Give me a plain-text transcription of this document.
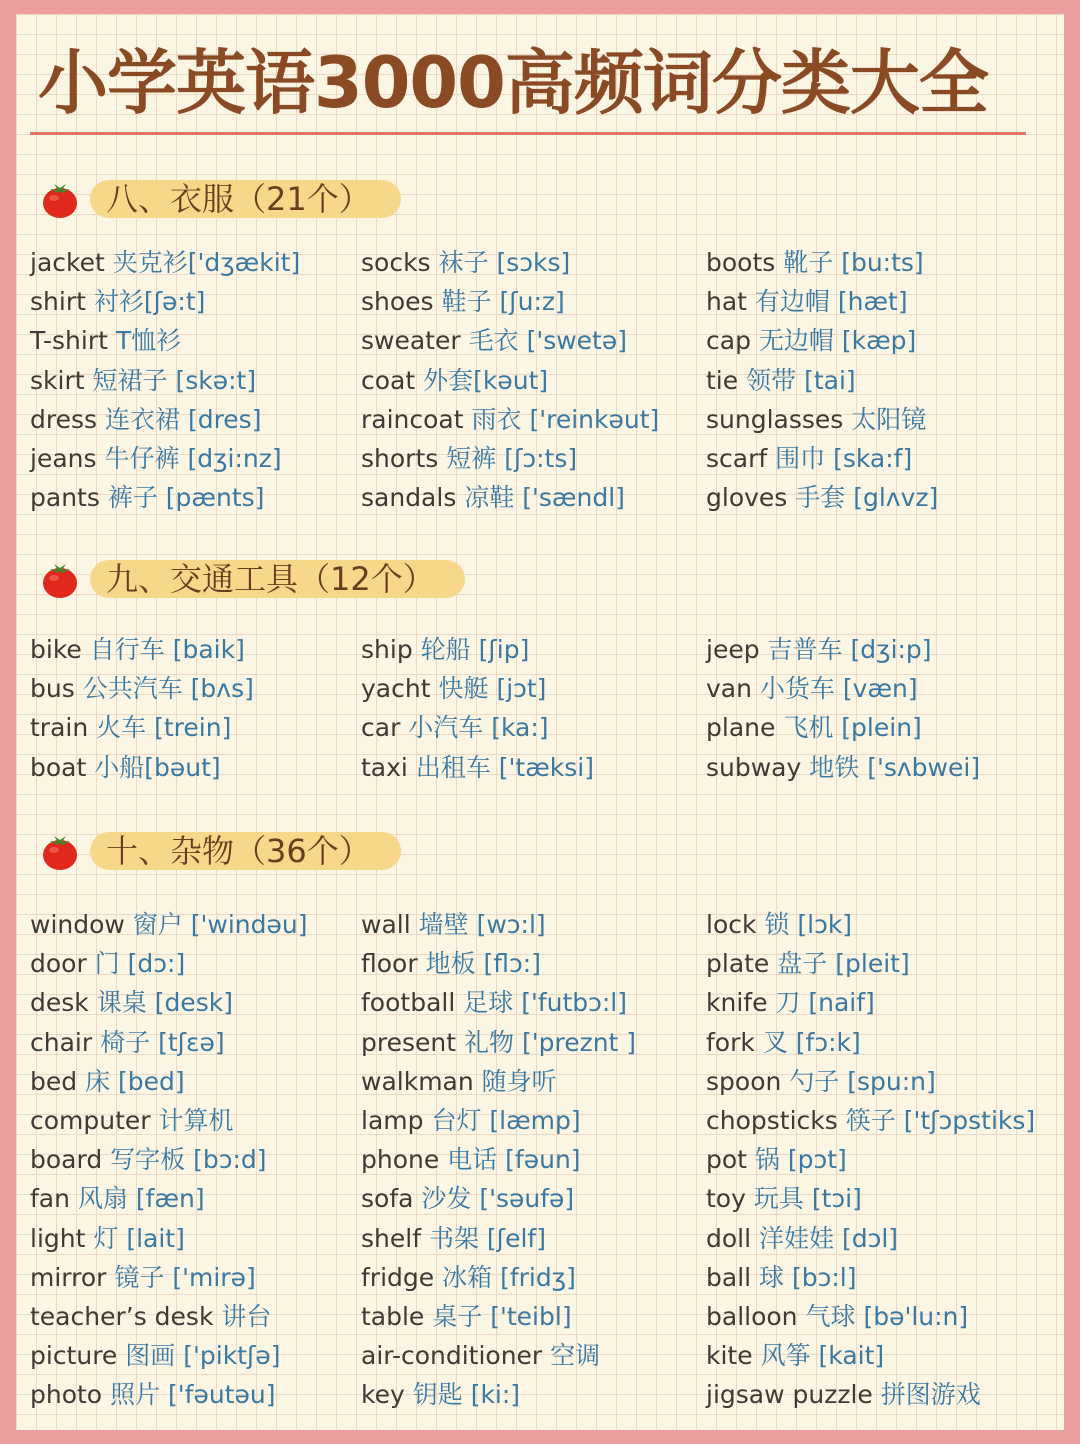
小学英语3000高频词分类大全
八、衣服（21个）
jacket 夹克衫['dʒækit]
shirt 衬衫[ʃə:t]
T-shirt T恤衫
skirt 短裙子 [skə:t]
dress 连衣裙 [dres]
jeans 牛仔裤 [dʒi:nz]
pants 裤子 [pænts]
socks 袜子 [sɔks]
shoes 鞋子 [ʃu:z]
sweater 毛衣 ['swetə]
coat 外套[kəut]
raincoat 雨衣 ['reinkəut]
shorts 短裤 [ʃɔ:ts]
sandals 凉鞋 ['sændl]
boots 靴子 [bu:ts]
hat 有边帽 [hæt]
cap 无边帽 [kæp]
tie 领带 [tai]
sunglasses 太阳镜
scarf 围巾 [ska:f]
gloves 手套 [glʌvz]
九、交通工具（12个）
bike 自行车 [baik]
bus 公共汽车 [bʌs]
train 火车 [trein]
boat 小船[bəut]
ship 轮船 [ʃip]
yacht 快艇 [jɔt]
car 小汽车 [ka:]
taxi 出租车 ['tæksi]
jeep 吉普车 [dʒi:p]
van 小货车 [væn]
plane 飞机 [plein]
subway 地铁 ['sʌbwei]
十、杂物（36个）
window 窗户 ['windəu]
door 门 [dɔ:]
desk 课桌 [desk]
chair 椅子 [tʃɛə]
bed 床 [bed]
computer 计算机
board 写字板 [bɔ:d]
fan 风扇 [fæn]
light 灯 [lait]
mirror 镜子 ['mirə]
teacher’s desk 讲台
picture 图画 ['piktʃə]
photo 照片 ['fəutəu]
wall 墙壁 [wɔ:l]
floor 地板 [flɔ:]
football 足球 ['futbɔ:l]
present 礼物 ['preznt ]
walkman 随身听
lamp 台灯 [læmp]
phone 电话 [fəun]
sofa 沙发 ['səufə]
shelf 书架 [ʃelf]
fridge 冰箱 [fridʒ]
table 桌子 ['teibl]
air-conditioner 空调
key 钥匙 [ki:]
lock 锁 [lɔk]
plate 盘子 [pleit]
knife 刀 [naif]
fork 叉 [fɔ:k]
spoon 勺子 [spu:n]
chopsticks 筷子 ['tʃɔpstiks]
pot 锅 [pɔt]
toy 玩具 [tɔi]
doll 洋娃娃 [dɔl]
ball 球 [bɔ:l]
balloon 气球 [bə'lu:n]
kite 风筝 [kait]
jigsaw puzzle 拼图游戏
